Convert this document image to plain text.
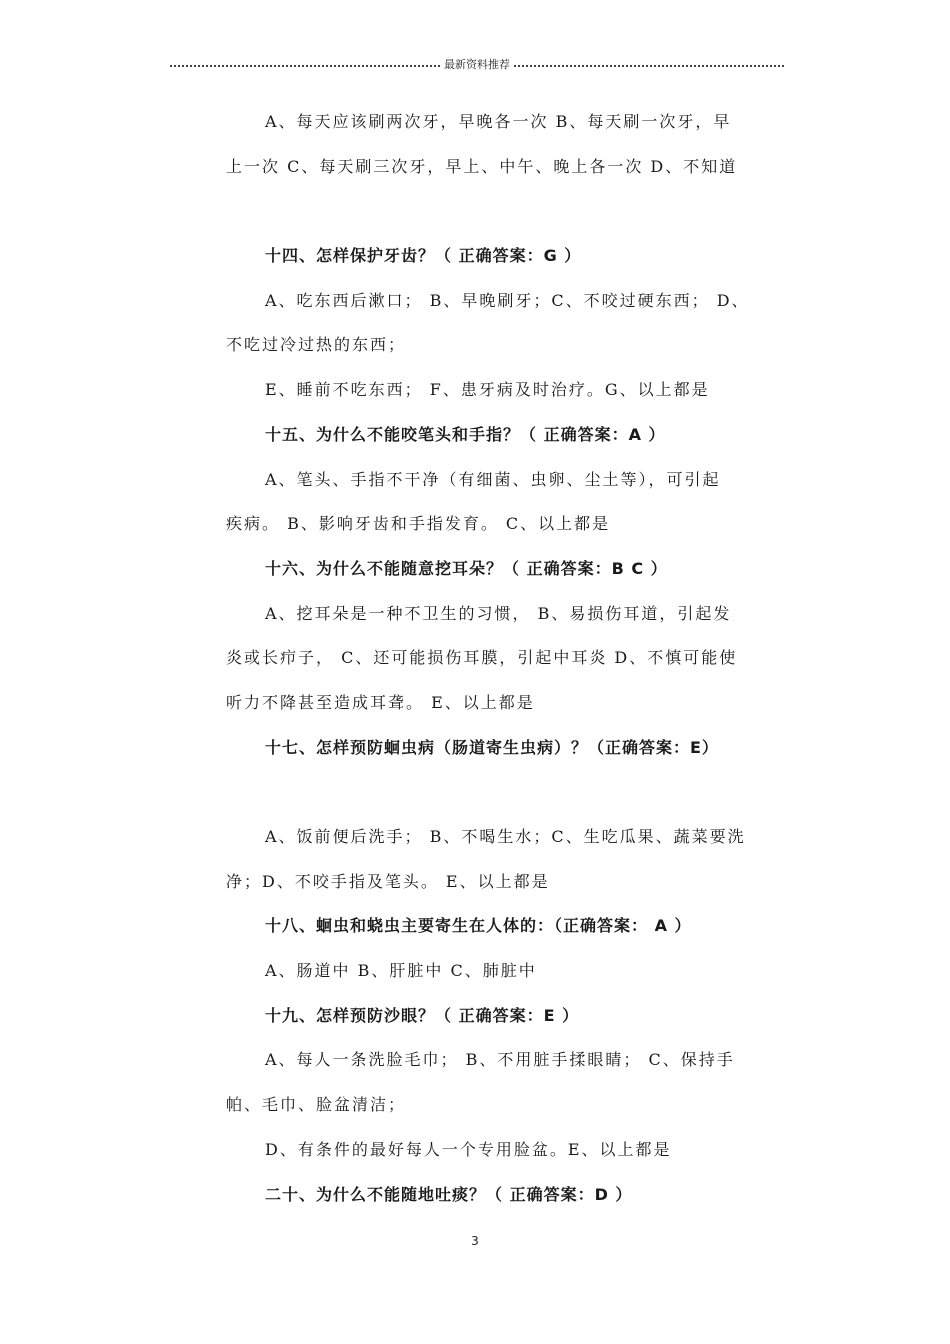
最新资料推荐
A、每天应该刷两次牙，早晚各一次 B、每天刷一次牙，早
上一次 C、每天刷三次牙，早上、中午、晚上各一次 D、不知道
十四、怎样保护牙齿？（ 正确答案：G ）
A、吃东西后漱口； B、早晚刷牙；C、不咬过硬东西； D、
不吃过冷过热的东西；
E、睡前不吃东西； F、患牙病及时治疗。G、以上都是
十五、为什么不能咬笔头和手指？（ 正确答案：A ）
A、笔头、手指不干净（有细菌、虫卵、尘土等），可引起
疾病。 B、影响牙齿和手指发育。 C、以上都是
十六、为什么不能随意挖耳朵？（ 正确答案：B C ）
A、挖耳朵是一种不卫生的习惯， B、易损伤耳道，引起发
炎或长疖子， C、还可能损伤耳膜，引起中耳炎 D、不慎可能使
听力不降甚至造成耳聋。 E、以上都是
十七、怎样预防蛔虫病（肠道寄生虫病）？（正确答案：E）
A、饭前便后洗手； B、不喝生水；C、生吃瓜果、蔬菜要洗
净；D、不咬手指及笔头。 E、以上都是
十八、蛔虫和蛲虫主要寄生在人体的：（正确答案： A ）
A、肠道中 B、肝脏中 C、肺脏中
十九、怎样预防沙眼？（ 正确答案：E ）
A、每人一条洗脸毛巾； B、不用脏手揉眼睛； C、保持手
帕、毛巾、脸盆清洁；
D、有条件的最好每人一个专用脸盆。E、以上都是
二十、为什么不能随地吐痰？（ 正确答案：D ）
3
